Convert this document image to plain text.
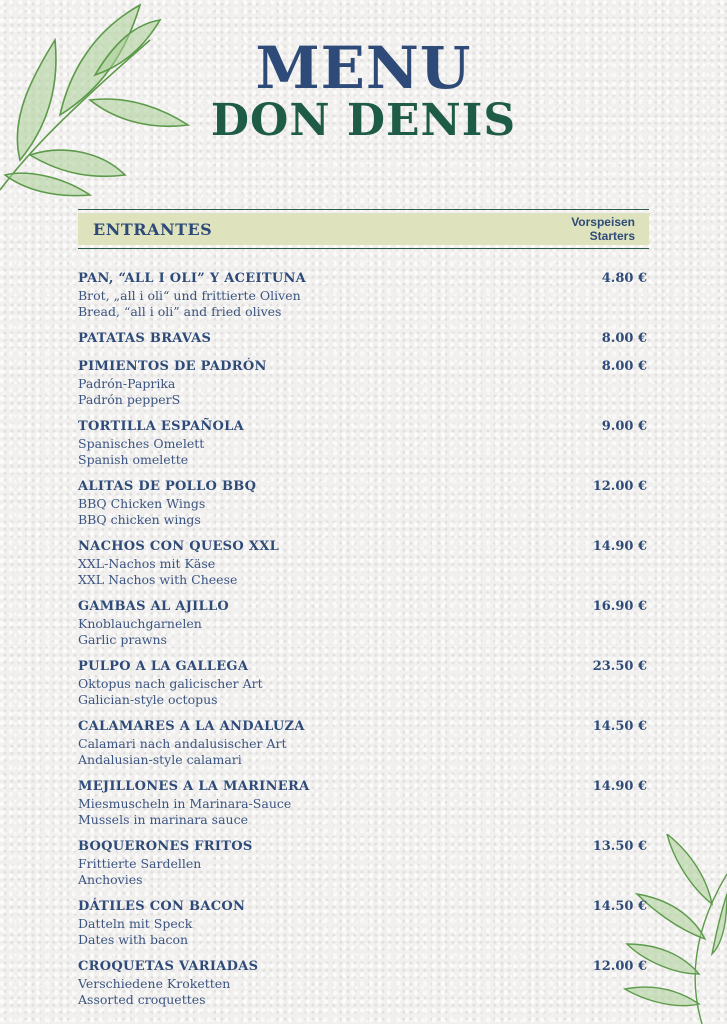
MENU
DON DENIS
ENTRANTES	Vorspeisen
Starters
PAN, “ALL I OLI” Y ACEITUNA
Brot, „all i oli“ und frittierte Oliven
Bread, “all i oli” and fried olives
4.80 €
PATATAS BRAVAS	8.00 €
PIMIENTOS DE PADRÓN
Padrón-Paprika
Padrón pepperS
8.00 €
TORTILLA ESPAÑOLA
Spanisches Omelett
Spanish omelette
9.00 €
ALITAS DE POLLO BBQ
BBQ Chicken Wings
BBQ chicken wings
12.00 €
NACHOS CON QUESO XXL
XXL-Nachos mit Käse
XXL Nachos with Cheese
14.90 €
GAMBAS AL AJILLO
Knoblauchgarnelen
Garlic prawns
16.90 €
PULPO A LA GALLEGA
Oktopus nach galicischer Art
Galician-style octopus
23.50 €
CALAMARES A LA ANDALUZA
Calamari nach andalusischer Art
Andalusian-style calamari
14.50 €
MEJILLONES A LA MARINERA
Miesmuscheln in Marinara-Sauce
Mussels in marinara sauce
14.90 €
BOQUERONES FRITOS
Frittierte Sardellen
Anchovies
13.50 €
DÁTILES CON BACON
Datteln mit Speck
Dates with bacon
14.50 €
CROQUETAS VARIADAS
Verschiedene Kroketten
Assorted croquettes
12.00 €
